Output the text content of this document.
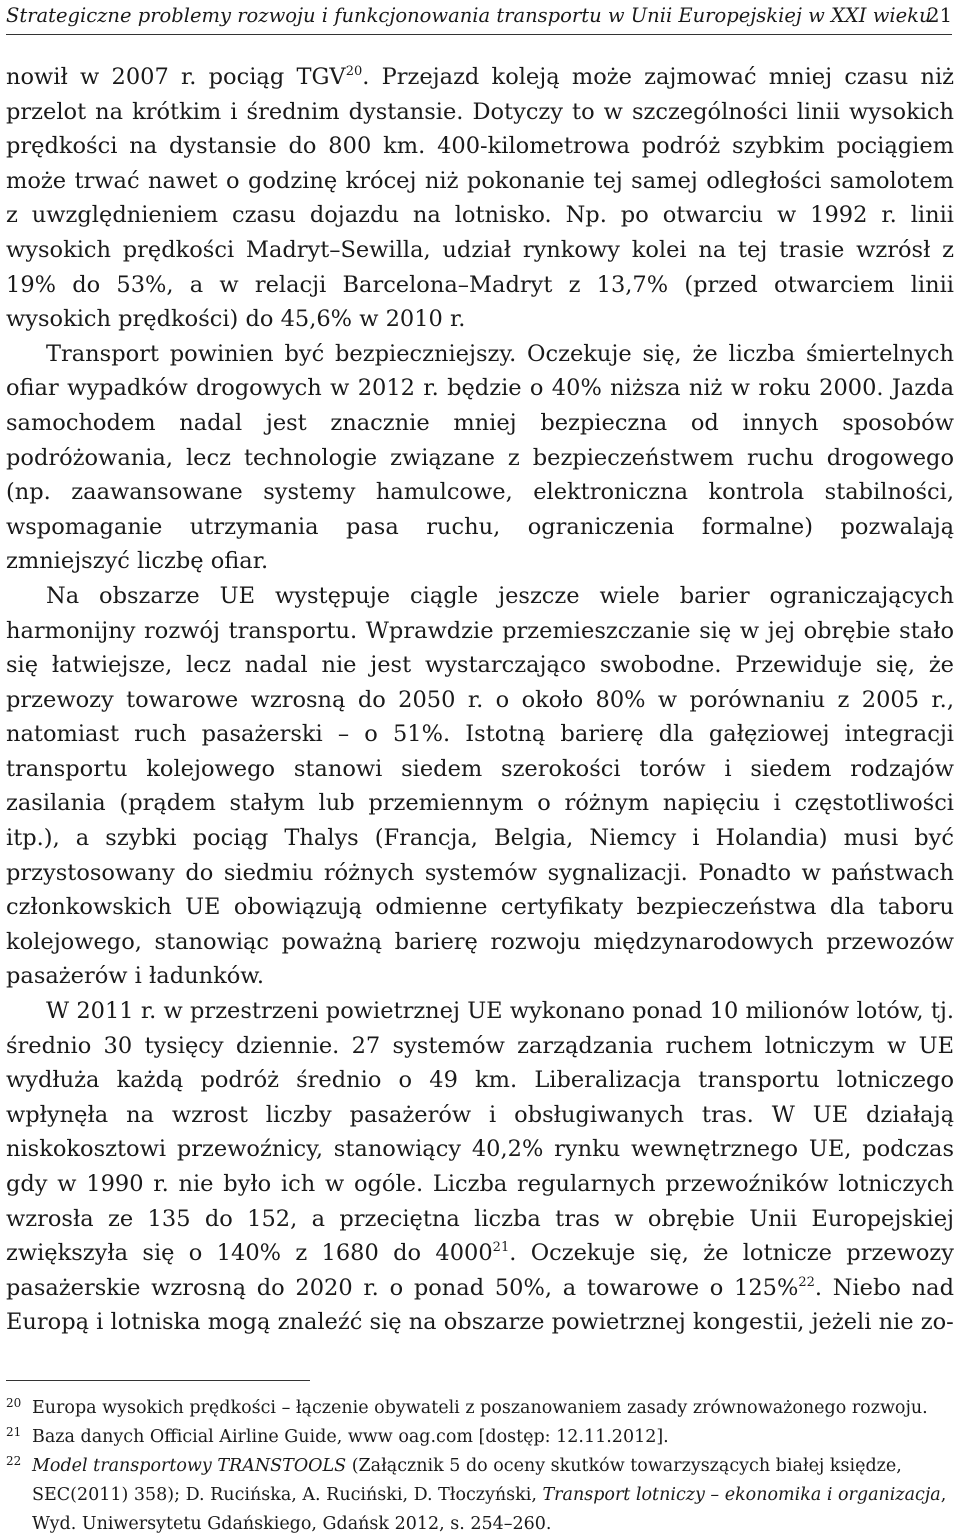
Strategiczne problemy rozwoju i funkcjonowania transportu w Unii Europejskiej w XXI wieku
21

nowił w 2007 r. pociąg TGV$^{20}$. Przejazd koleją może zajmować mniej czasu niż przelot na krótkim i średnim dystansie. Dotyczy to w szczególności linii wysokich prędkości na dystansie do 800 km. 400-kilometrowa podróż szybkim pociągiem może trwać nawet o godzinę krócej niż pokonanie tej samej odległości samolotem z uwzględnieniem czasu dojazdu na lotnisko. Np. po otwarciu w 1992 r. linii wysokich prędkości Madryt–Sewilla, udział rynkowy kolei na tej trasie wzrósł z 19% do 53%, a w relacji Barcelona–Madryt z 13,7% (przed otwarciem linii wysokich prędkości) do 45,6% w 2010 r.

Transport powinien być bezpieczniejszy. Oczekuje się, że liczba śmiertelnych ofiar wypadków drogowych w 2012 r. będzie o 40% niższa niż w roku 2000. Jazda samochodem nadal jest znacznie mniej bezpieczna od innych sposobów podróżowania, lecz technologie związane z bezpieczeństwem ruchu drogowego (np. zaawansowane systemy hamulcowe, elektroniczna kontrola stabilności, wspomaganie utrzymania pasa ruchu, ograniczenia formalne) pozwalają zmniejszyć liczbę ofiar.

Na obszarze UE występuje ciągle jeszcze wiele barier ograniczających harmonijny rozwój transportu. Wprawdzie przemieszczanie się w jej obrębie stało się łatwiejsze, lecz nadal nie jest wystarczająco swobodne. Przewiduje się, że przewozy towarowe wzrosną do 2050 r. o około 80% w porównaniu z 2005 r., natomiast ruch pasażerski – o 51%. Istotną barierę dla gałęziowej integracji transportu kolejowego stanowi siedem szerokości torów i siedem rodzajów zasilania (prądem stałym lub przemiennym o różnym napięciu i częstotliwości itp.), a szybki pociąg Thalys (Francja, Belgia, Niemcy i Holandia) musi być przystosowany do siedmiu różnych systemów sygnalizacji. Ponadto w państwach członkowskich UE obowiązują odmienne certyfikaty bezpieczeństwa dla taboru kolejowego, stanowiąc poważną barierę rozwoju międzynarodowych przewozów pasażerów i ładunków.

W 2011 r. w przestrzeni powietrznej UE wykonano ponad 10 milionów lotów, tj. średnio 30 tysięcy dziennie. 27 systemów zarządzania ruchem lotniczym w UE wydłuża każdą podróż średnio o 49 km. Liberalizacja transportu lotniczego wpłynęła na wzrost liczby pasażerów i obsługiwanych tras. W UE działają niskokosztowi przewoźnicy, stanowiący 40,2% rynku wewnętrznego UE, podczas gdy w 1990 r. nie było ich w ogóle. Liczba regularnych przewoźników lotniczych wzrosła ze 135 do 152, a przeciętna liczba tras w obrębie Unii Europejskiej zwiększyła się o 140% z 1680 do 4000$^{21}$. Oczekuje się, że lotnicze przewozy pasażerskie wzrosną do 2020 r. o ponad 50%, a towarowe o 125%$^{22}$. Niebo nad Europą i lotniska mogą znaleźć się na obszarze powietrznej kongestii, jeżeli nie zo-

20 Europa wysokich prędkości – łączenie obywateli z poszanowaniem zasady zrównoważonego rozwoju.
21 Baza danych Official Airline Guide, www oag.com [dostęp: 12.11.2012].
22 Model transportowy TRANSTOOLS (Załącznik 5 do oceny skutków towarzyszących białej księdze, SEC(2011) 358); D. Rucińska, A. Ruciński, D. Tłoczyński, Transport lotniczy – ekonomika i organizacja, Wyd. Uniwersytetu Gdańskiego, Gdańsk 2012, s. 254–260.
